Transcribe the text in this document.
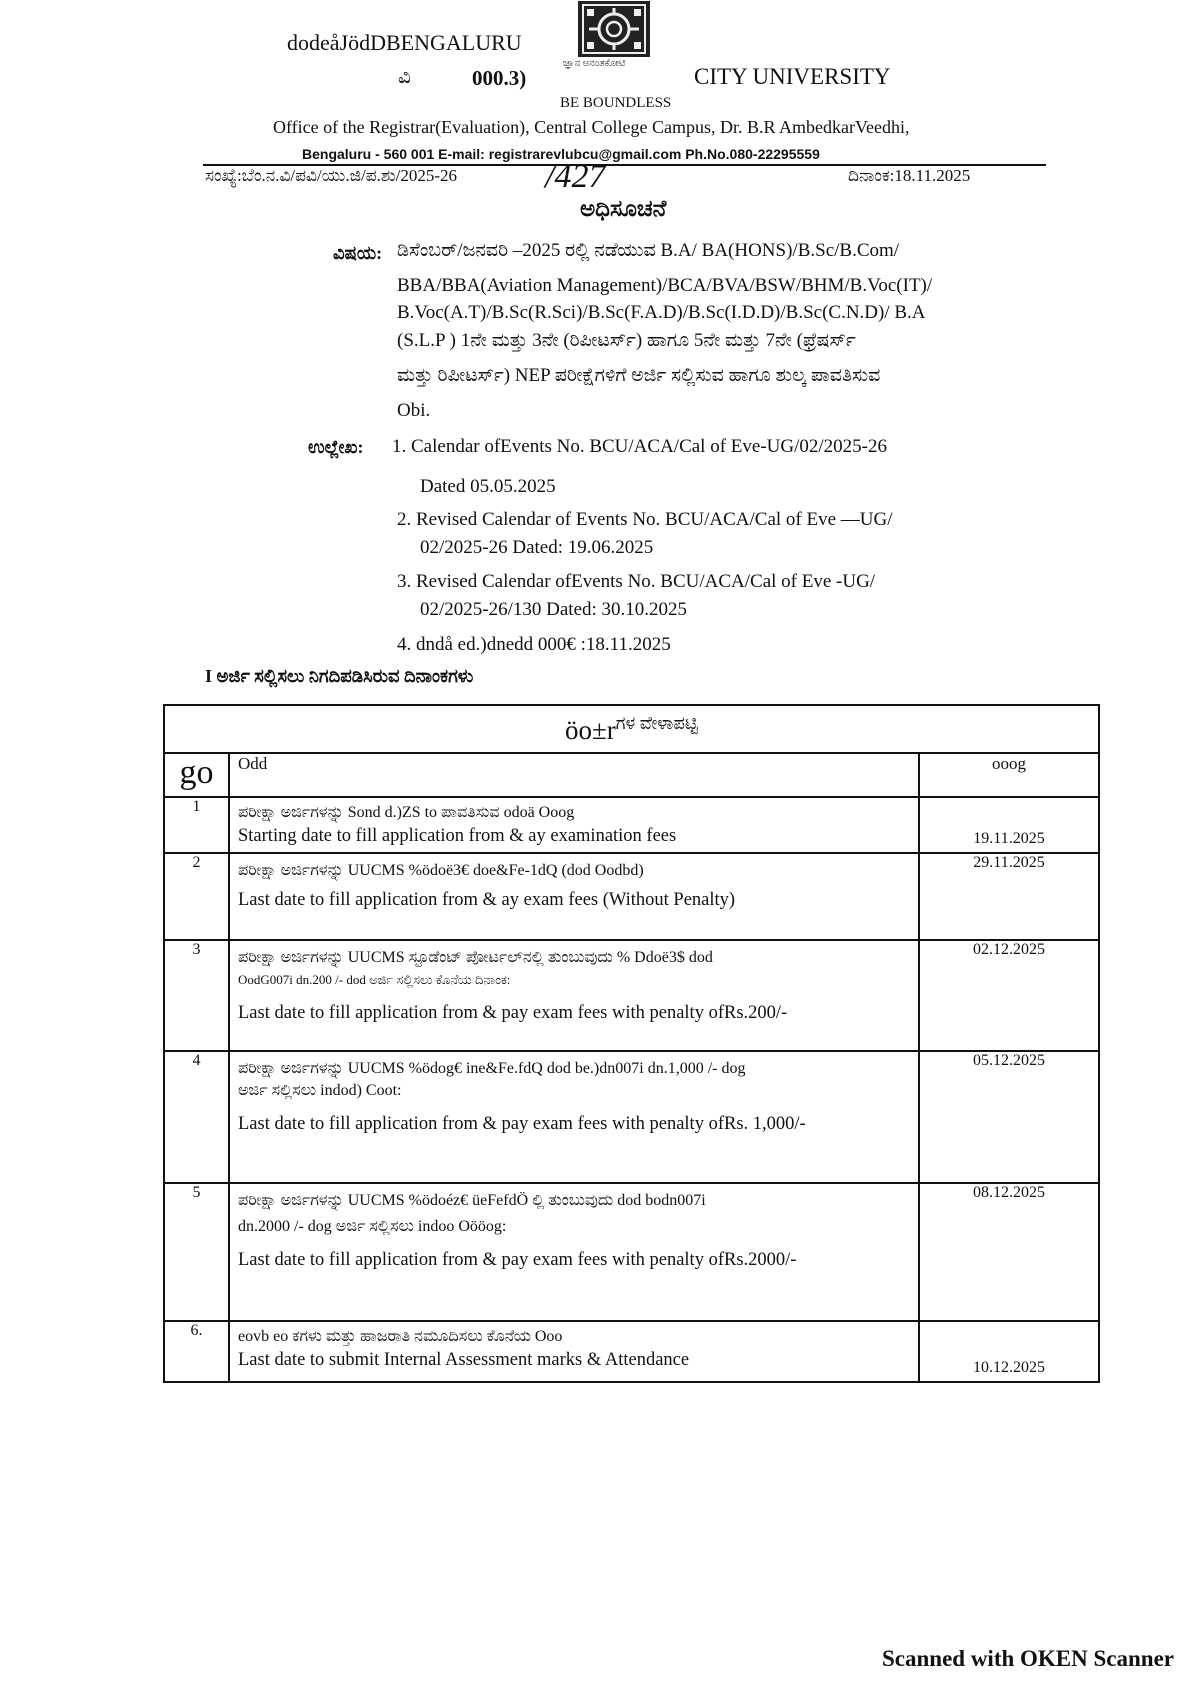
dodeåJödDBENGALURU
ಜ್ಞಾನ ಅನಂತಕೋಟಿ
ವಿ	000.3)	CITY UNIVERSITY
BE BOUNDLESS
Office of the Registrar(Evaluation), Central College Campus, Dr. B.R AmbedkarVeedhi,
Bengaluru - 560 001 E-mail: registrarevlubcu@gmail.com Ph.No.080-22295559
ಸಂಖ್ಯೆ:ಬೆಂ.ನ.ವಿ/ಪವಿ/ಯು.ಜಿ/ಪ.ಶು/2025-26	/427	ದಿನಾಂಕ:18.11.2025
ಅಧಿಸೂಚನೆ
ವಿಷಯ: ಡಿಸೆಂಬರ್/ಜನವರಿ –2025 ರಲ್ಲಿ ನಡೆಯುವ B.A/ BA(HONS)/B.Sc/B.Com/
BBA/BBA(Aviation Management)/BCA/BVA/BSW/BHM/B.Voc(IT)/
B.Voc(A.T)/B.Sc(R.Sci)/B.Sc(F.A.D)/B.Sc(I.D.D)/B.Sc(C.N.D)/ B.A
(S.L.P ) 1ನೇ ಮತ್ತು 3ನೇ (ರಿಪೀಟರ್ಸ್) ಹಾಗೂ 5ನೇ ಮತ್ತು 7ನೇ (ಫ್ರೆಷರ್ಸ್
ಮತ್ತು ರಿಪೀಟರ್ಸ್) NEP ಪರೀಕ್ಷೆಗಳಿಗೆ ಅರ್ಜಿ ಸಲ್ಲಿಸುವ ಹಾಗೂ ಶುಲ್ಕ ಪಾವತಿಸುವ
Obi.
ಉಲ್ಲೇಖ: 1. Calendar ofEvents No. BCU/ACA/Cal of Eve-UG/02/2025-26
Dated 05.05.2025
2. Revised Calendar of Events No. BCU/ACA/Cal of Eve —UG/
02/2025-26 Dated: 19.06.2025
3. Revised Calendar ofEvents No. BCU/ACA/Cal of Eve -UG/
02/2025-26/130 Dated: 30.10.2025
4. dndå ed.)dnedd 000€ :18.11.2025
I ಅರ್ಜಿ ಸಲ್ಲಿಸಲು ನಿಗದಿಪಡಿಸಿರುವ ದಿನಾಂಕಗಳು
$öo\pm r^{ಗಳ ವೇಳಾಪಟ್ಟಿ}$
go	Odd	ooog
1	ಪರೀಕ್ಷಾ ಅರ್ಜಿಗಳನ್ನು Sond d.)ZS to ಪಾವತಿಸುವ odoä Ooog
Starting date to fill application from & ay examination fees	19.11.2025
2	ಪರೀಕ್ಷಾ ಅರ್ಜಿಗಳನ್ನು UUCMS %ödoë3€ doe&Fe-1dQ (dod Oodbd)
Last date to fill application from & ay exam fees (Without Penalty)	29.11.2025
3	ಪರೀಕ್ಷಾ ಅರ್ಜಿಗಳನ್ನು UUCMS ಸ್ಟೂಡೆಂಟ್ ಪೋರ್ಟಲ್‌ನಲ್ಲಿ ತುಂಬುವುದು % Ddoë3$ dod
OodG007i dn.200 /- dod ಅರ್ಜಿ ಸಲ್ಲಿಸಲು ಕೊನೆಯ ದಿನಾಂಕ:
Last date to fill application from & pay exam fees with penalty ofRs.200/-	02.12.2025
4	ಪರೀಕ್ಷಾ ಅರ್ಜಿಗಳನ್ನು UUCMS %ödog€ ine&Fe.fdQ dod be.)dn007i dn.1,000 /- dog
ಅರ್ಜಿ ಸಲ್ಲಿಸಲು indod) Coot:
Last date to fill application from & pay exam fees with penalty ofRs. 1,000/-	05.12.2025
5	ಪರೀಕ್ಷಾ ಅರ್ಜಿಗಳನ್ನು UUCMS %ödoéz€ üeFefdÖ ಲ್ಲಿ ತುಂಬುವುದು dod bodn007i
dn.2000 /- dog ಅರ್ಜಿ ಸಲ್ಲಿಸಲು indoo Oööog:
Last date to fill application from & pay exam fees with penalty ofRs.2000/-	08.12.2025
6.	eovb eo ಕಗಳು ಮತ್ತು ಹಾಜರಾತಿ ನಮೂದಿಸಲು ಕೊನೆಯ Ooo
Last date to submit Internal Assessment marks & Attendance	10.12.2025
Scanned with OKEN Scanner
